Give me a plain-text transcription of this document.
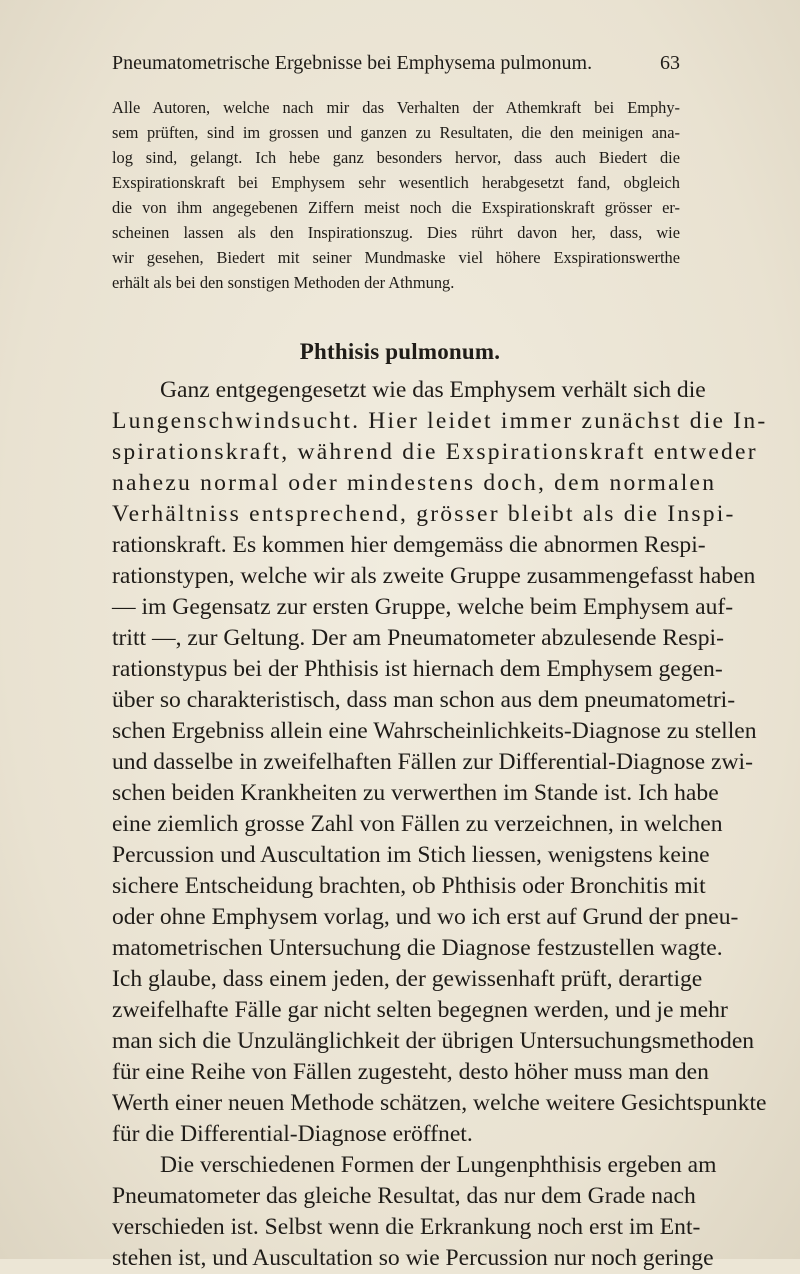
Pneumatometrische Ergebnisse bei Emphysema pulmonum.	63
Alle Autoren, welche nach mir das Verhalten der Athemkraft bei Emphy-
sem prüften, sind im grossen und ganzen zu Resultaten, die den meinigen ana-
log sind, gelangt. Ich hebe ganz besonders hervor, dass auch Biedert die
Exspirationskraft bei Emphysem sehr wesentlich herabgesetzt fand, obgleich
die von ihm angegebenen Ziffern meist noch die Exspirationskraft grösser er-
scheinen lassen als den Inspirationszug. Dies rührt davon her, dass, wie
wir gesehen, Biedert mit seiner Mundmaske viel höhere Exspirationswerthe
erhält als bei den sonstigen Methoden der Athmung.
Phthisis pulmonum.
Ganz entgegengesetzt wie das Emphysem verhält sich die
Lungenschwindsucht. Hier leidet immer zunächst die In-
spirationskraft, während die Exspirationskraft entweder
nahezu normal oder mindestens doch, dem normalen
Verhältniss entsprechend, grösser bleibt als die Inspi-
rationskraft. Es kommen hier demgemäss die abnormen Respi-
rationstypen, welche wir als zweite Gruppe zusammengefasst haben
— im Gegensatz zur ersten Gruppe, welche beim Emphysem auf-
tritt —, zur Geltung. Der am Pneumatometer abzulesende Respi-
rationstypus bei der Phthisis ist hiernach dem Emphysem gegen-
über so charakteristisch, dass man schon aus dem pneumatometri-
schen Ergebniss allein eine Wahrscheinlichkeits-Diagnose zu stellen
und dasselbe in zweifelhaften Fällen zur Differential-Diagnose zwi-
schen beiden Krankheiten zu verwerthen im Stande ist. Ich habe
eine ziemlich grosse Zahl von Fällen zu verzeichnen, in welchen
Percussion und Auscultation im Stich liessen, wenigstens keine
sichere Entscheidung brachten, ob Phthisis oder Bronchitis mit
oder ohne Emphysem vorlag, und wo ich erst auf Grund der pneu-
matometrischen Untersuchung die Diagnose festzustellen wagte.
Ich glaube, dass einem jeden, der gewissenhaft prüft, derartige
zweifelhafte Fälle gar nicht selten begegnen werden, und je mehr
man sich die Unzulänglichkeit der übrigen Untersuchungsmethoden
für eine Reihe von Fällen zugesteht, desto höher muss man den
Werth einer neuen Methode schätzen, welche weitere Gesichtspunkte
für die Differential-Diagnose eröffnet.
Die verschiedenen Formen der Lungenphthisis ergeben am
Pneumatometer das gleiche Resultat, das nur dem Grade nach
verschieden ist. Selbst wenn die Erkrankung noch erst im Ent-
stehen ist, und Auscultation so wie Percussion nur noch geringe
